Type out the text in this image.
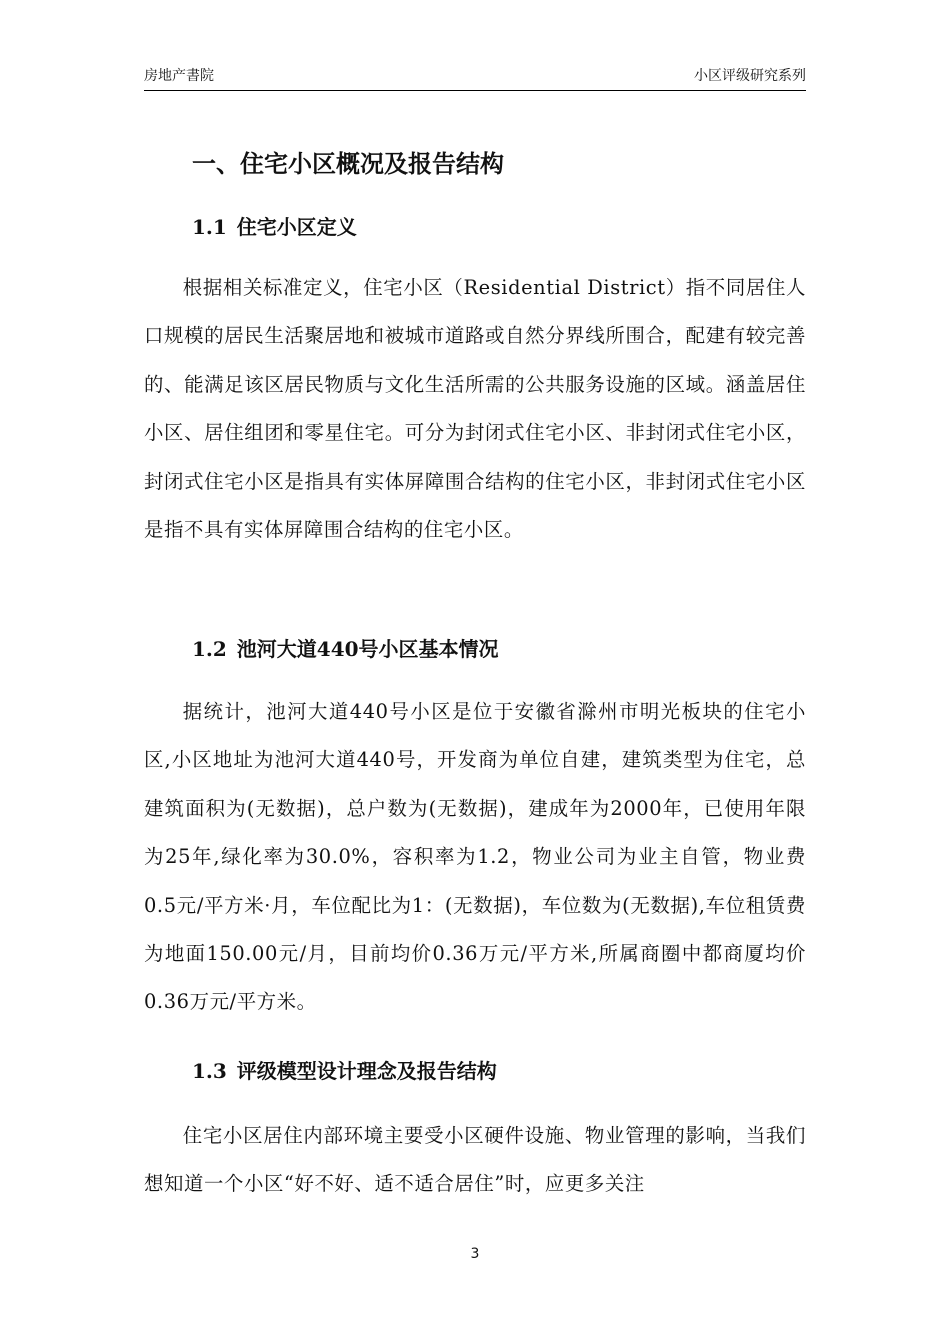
房地产書院	小区评级研究系列
一、住宅小区概况及报告结构
1.1 住宅小区定义

根据相关标准定义，住宅小区（Residential District）指不同居住人口规模的居民生活聚居地和被城市道路或自然分界线所围合，配建有较完善的、能满足该区居民物质与文化生活所需的公共服务设施的区域。涵盖居住小区、居住组团和零星住宅。可分为封闭式住宅小区、非封闭式住宅小区，封闭式住宅小区是指具有实体屏障围合结构的住宅小区，非封闭式住宅小区是指不具有实体屏障围合结构的住宅小区。

1.2 池河大道440号小区基本情况

据统计，池河大道440号小区是位于安徽省滁州市明光板块的住宅小区,小区地址为池河大道440号，开发商为单位自建，建筑类型为住宅，总建筑面积为(无数据)，总户数为(无数据)，建成年为2000年，已使用年限为25年,绿化率为30.0%，容积率为1.2，物业公司为业主自管，物业费0.5元/平方米·月，车位配比为1：(无数据)，车位数为(无数据),车位租赁费为地面150.00元/月，目前均价0.36万元/平方米,所属商圈中都商厦均价0.36万元/平方米。

1.3 评级模型设计理念及报告结构

住宅小区居住内部环境主要受小区硬件设施、物业管理的影响，当我们想知道一个小区“好不好、适不适合居住”时，应更多关注

3
